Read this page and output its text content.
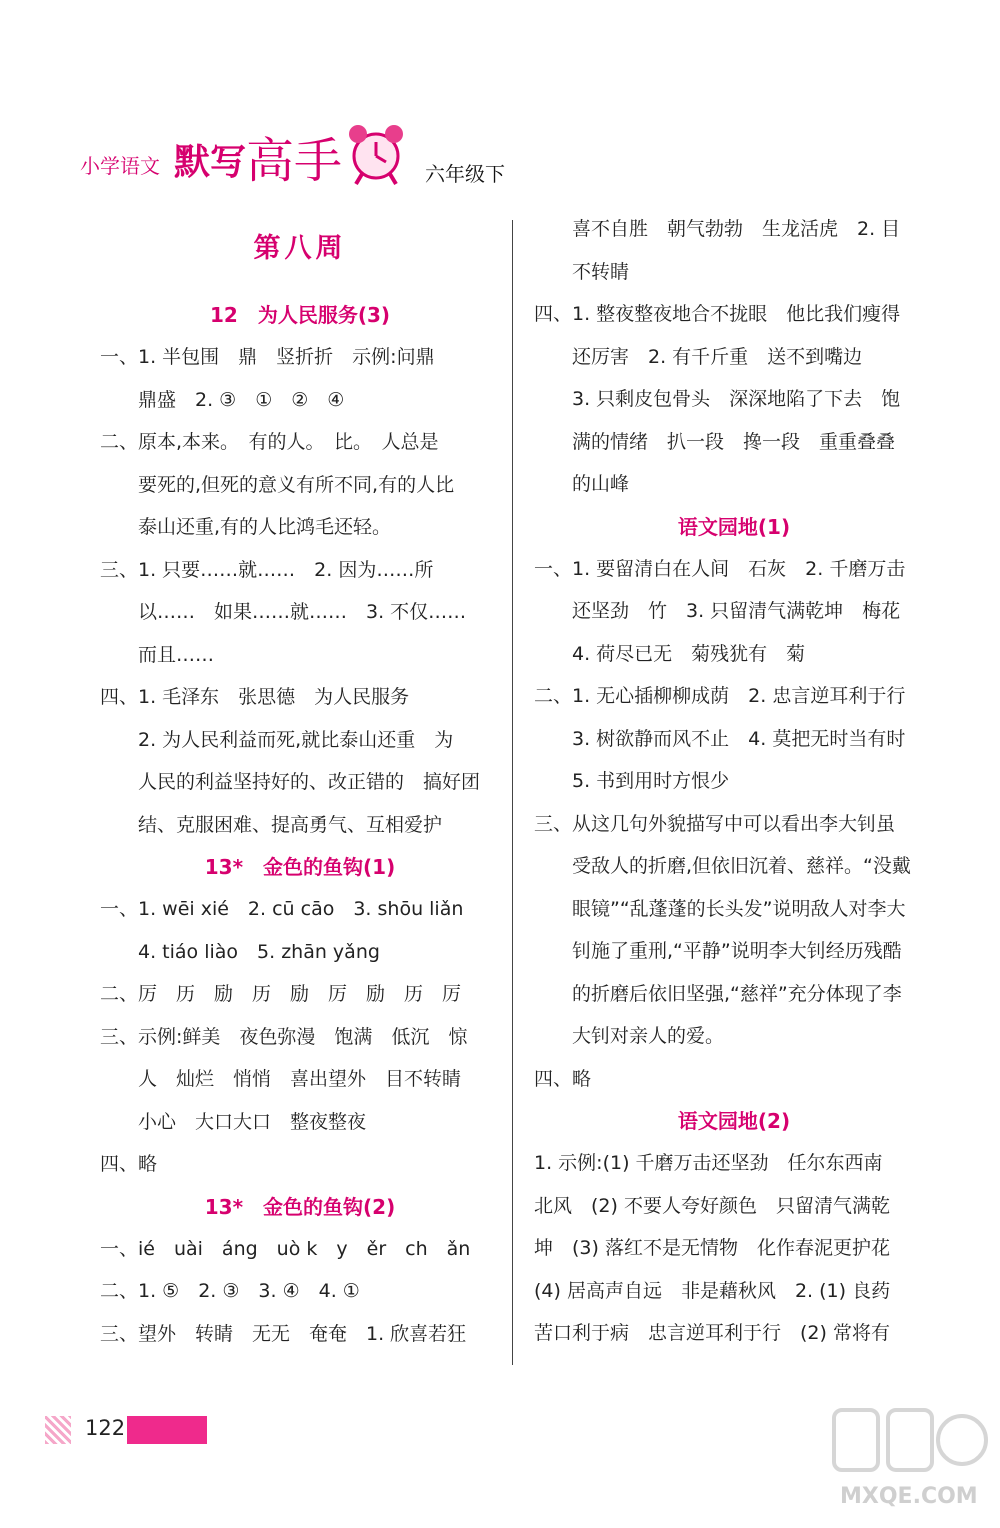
小学语文 默写 高手	六年级下
第八周
12　为人民服务(3)
一、1. 半包围　鼎　竖折折　示例:问鼎
鼎盛　2. ③　①　②　④
二、原本,本来。　有的人。　比。　人总是
要死的,但死的意义有所不同,有的人比
泰山还重,有的人比鸿毛还轻。
三、1. 只要……就……　2. 因为……所
以……　如果……就……　3. 不仅……
而且……
四、1. 毛泽东　张思德　为人民服务
2. 为人民利益而死,就比泰山还重　为
人民的利益坚持好的、改正错的　搞好团
结、克服困难、提高勇气、互相爱护
13*　金色的鱼钩(1)
一、1. wēi xié　2. cū cāo　3. shōu liǎn
4. tiáo liào　5. zhān yǎng
二、厉　历　励　历　励　厉　励　历　厉
三、示例:鲜美　夜色弥漫　饱满　低沉　惊
人　灿烂　悄悄　喜出望外　目不转睛
小心　大口大口　整夜整夜
四、略
13*　金色的鱼钩(2)
一、ié　uài　áng　uò k　y　ěr　ch　ǎn
二、1. ⑤　2. ③　3. ④　4. ①
三、望外　转睛　无无　奄奄　1. 欣喜若狂
喜不自胜　朝气勃勃　生龙活虎　2. 目
不转睛
四、1. 整夜整夜地合不拢眼　他比我们瘦得
还厉害　2. 有千斤重　送不到嘴边
3. 只剩皮包骨头　深深地陷了下去　饱
满的情绪　扒一段　搀一段　重重叠叠
的山峰
语文园地(1)
一、1. 要留清白在人间　石灰　2. 千磨万击
还坚劲　竹　3. 只留清气满乾坤　梅花
4. 荷尽已无　菊残犹有　菊
二、1. 无心插柳柳成荫　2. 忠言逆耳利于行
3. 树欲静而风不止　4. 莫把无时当有时
5. 书到用时方恨少
三、从这几句外貌描写中可以看出李大钊虽
受敌人的折磨,但依旧沉着、慈祥。“没戴
眼镜”“乱蓬蓬的长头发”说明敌人对李大
钊施了重刑,“平静”说明李大钊经历残酷
的折磨后依旧坚强,“慈祥”充分体现了李
大钊对亲人的爱。
四、略
语文园地(2)
1. 示例:(1) 千磨万击还坚劲　任尔东西南
北风　(2) 不要人夸好颜色　只留清气满乾
坤　(3) 落红不是无情物　化作春泥更护花
(4) 居高声自远　非是藉秋风　2. (1) 良药
苦口利于病　忠言逆耳利于行　(2) 常将有
122
MXQE.COM
